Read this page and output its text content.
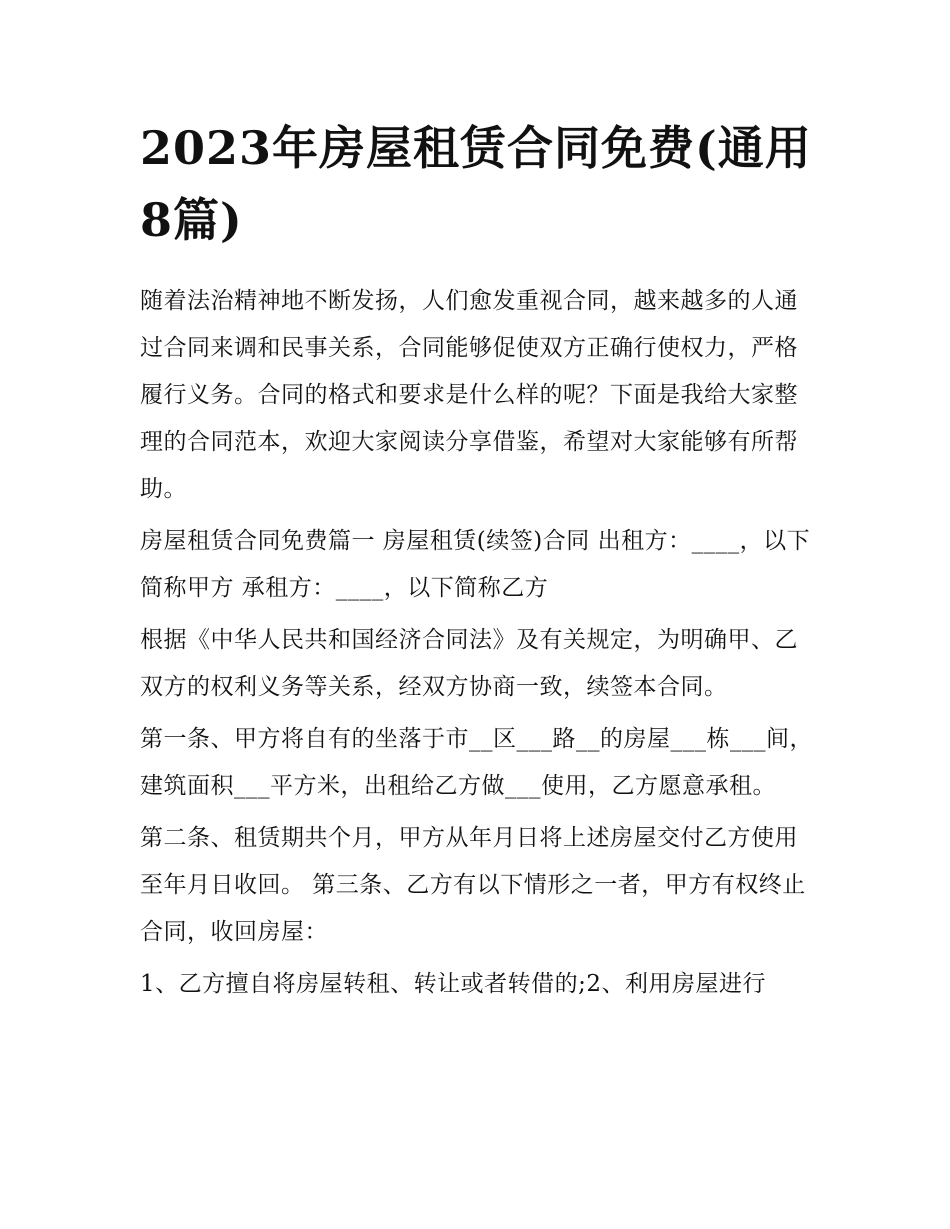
2023年房屋租赁合同免费(通用8篇)

随着法治精神地不断发扬，人们愈发重视合同，越来越多的人通过合同来调和民事关系，合同能够促使双方正确行使权力，严格履行义务。合同的格式和要求是什么样的呢？下面是我给大家整理的合同范本，欢迎大家阅读分享借鉴，希望对大家能够有所帮助。

房屋租赁合同免费篇一 房屋租赁(续签)合同 出租方：____，以下简称甲方 承租方：____，以下简称乙方

根据《中华人民共和国经济合同法》及有关规定，为明确甲、乙双方的权利义务等关系，经双方协商一致，续签本合同。

第一条、甲方将自有的坐落于市__区___路__的房屋___栋___间，建筑面积___平方米，出租给乙方做___使用，乙方愿意承租。

第二条、租赁期共个月，甲方从年月日将上述房屋交付乙方使用至年月日收回。 第三条、乙方有以下情形之一者，甲方有权终止合同，收回房屋：

1、乙方擅自将房屋转租、转让或者转借的;2、利用房屋进行
